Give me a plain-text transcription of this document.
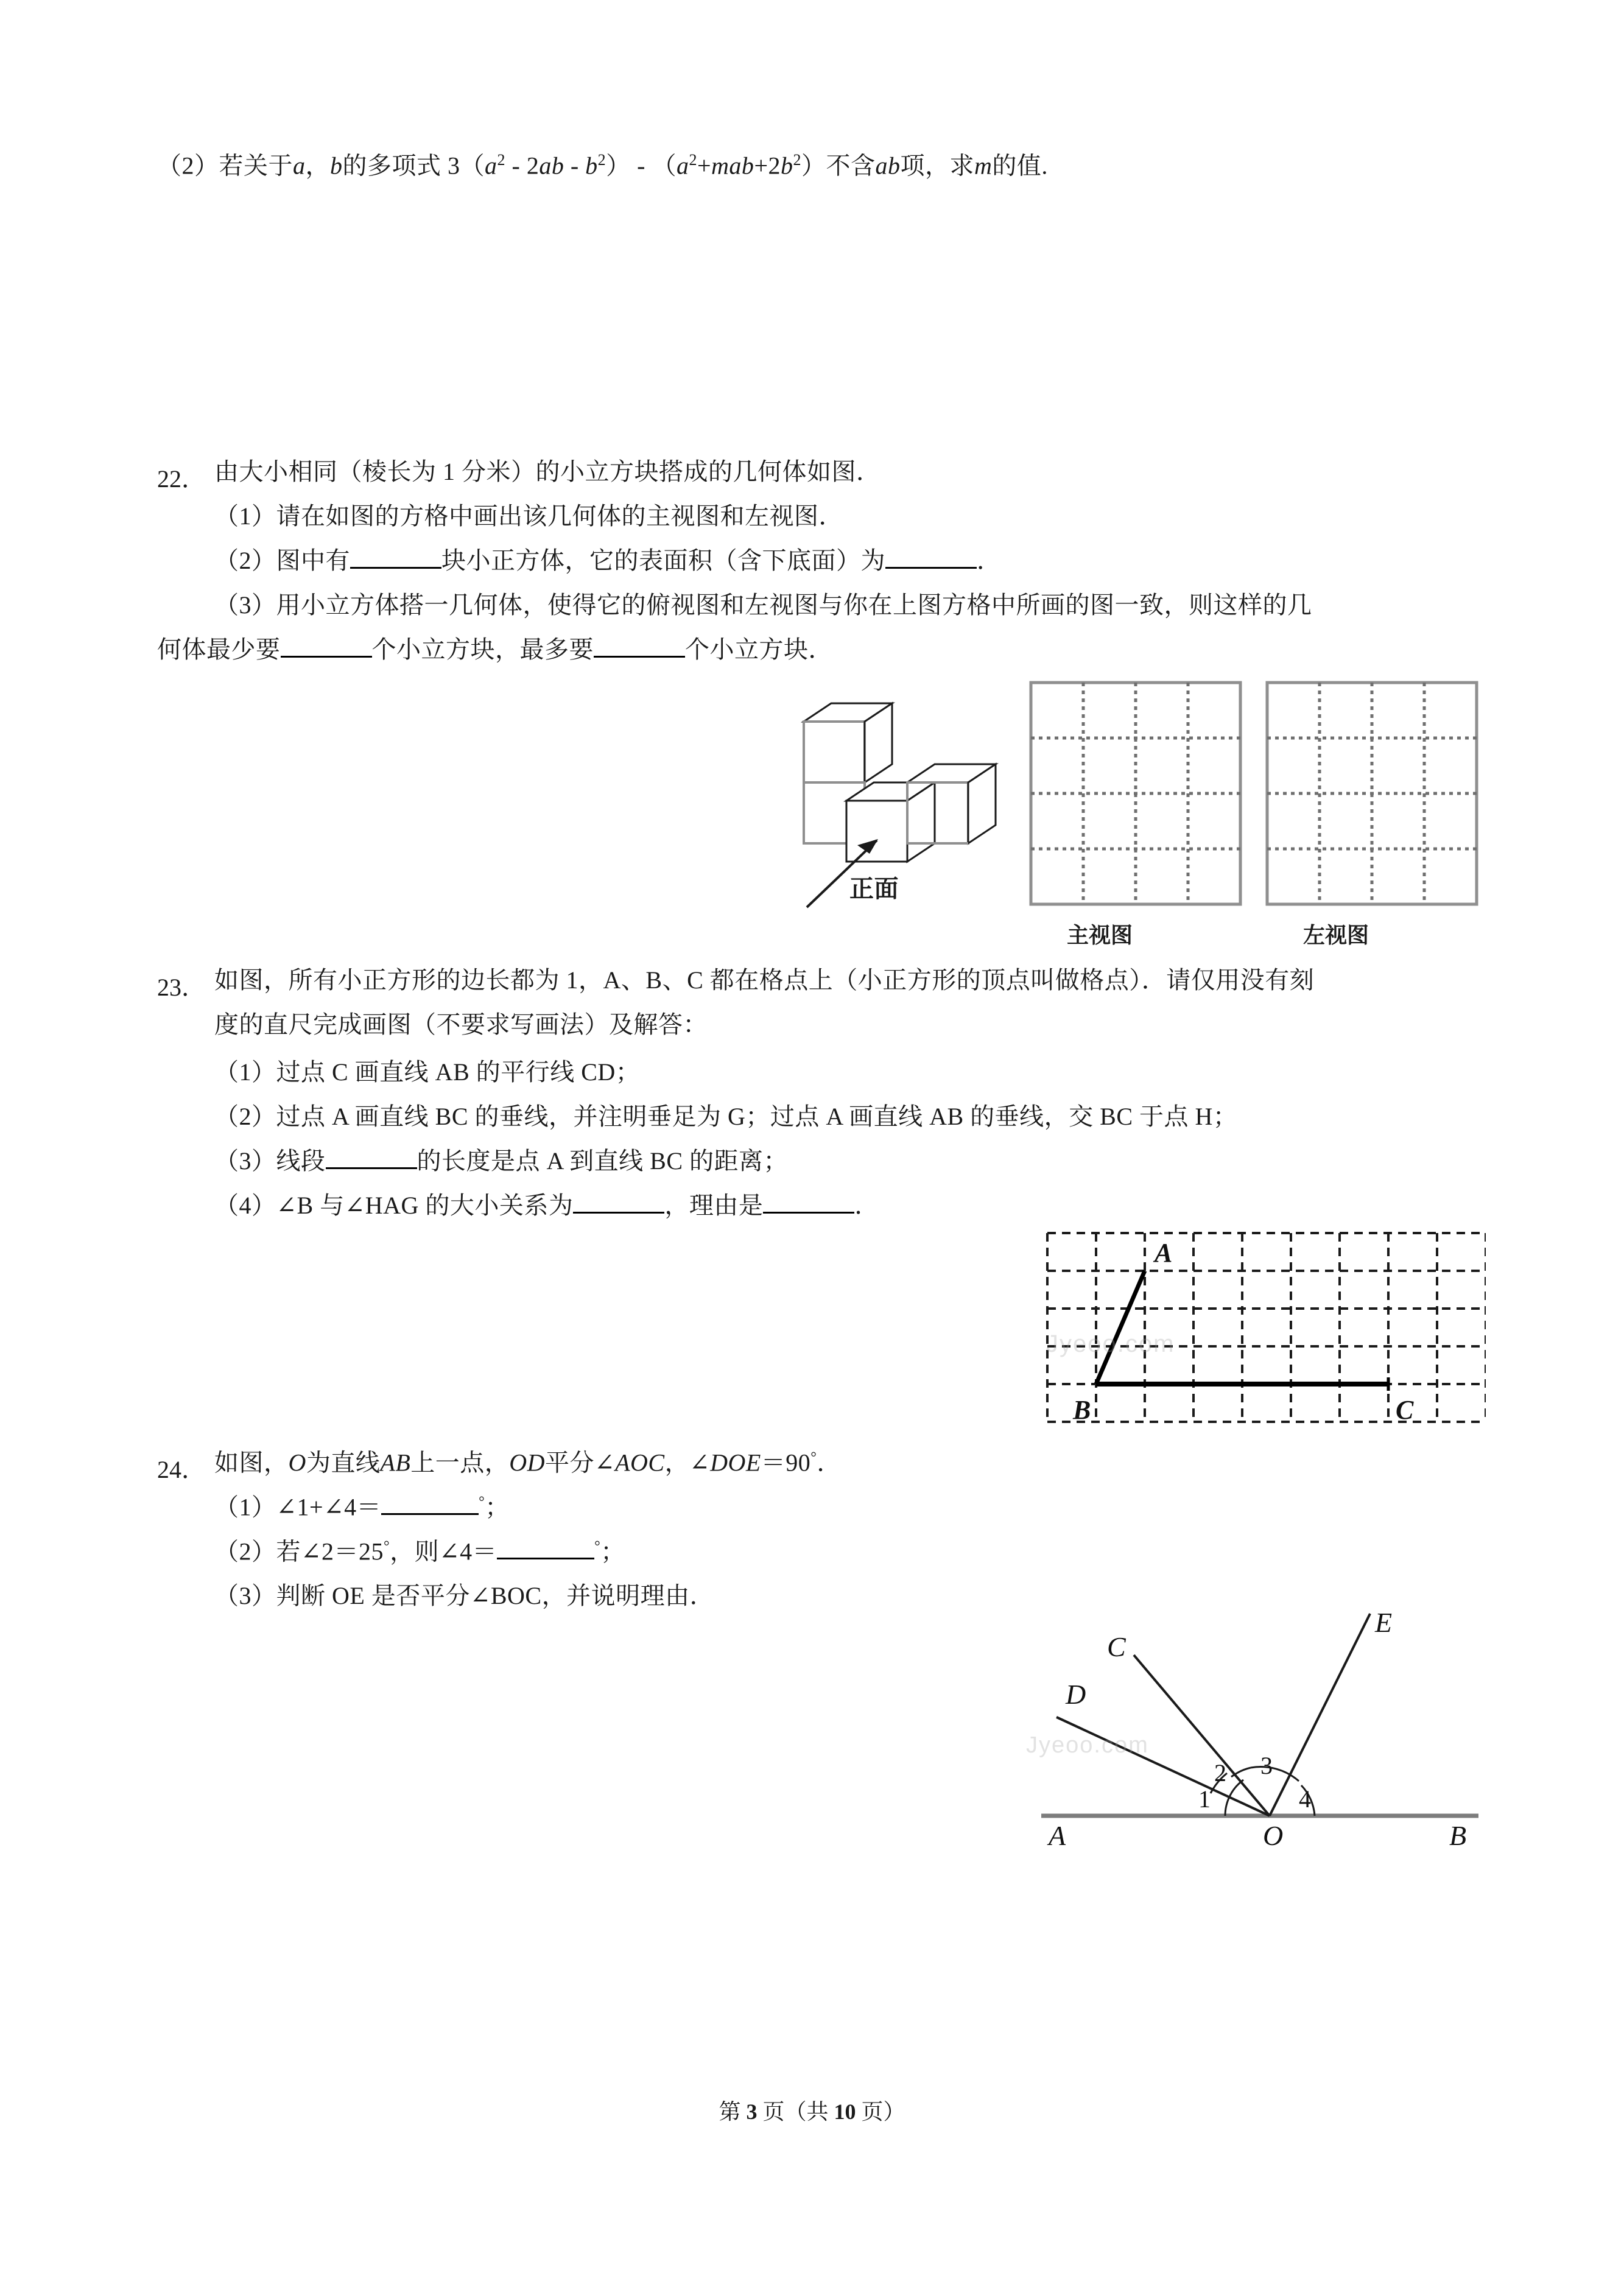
（2）若关于a，b的多项式 $3(a^2 - 2ab - b^2) - (a^2+mab+2b^2)$不含ab项，求m的值.
22． 由大小相同（棱长为 1 分米）的小立方块搭成的几何体如图．
（1）请在如图的方格中画出该几何体的主视图和左视图．
（2）图中有	块小正方体，它的表面积（含下底面）为	．
（3）用小立方体搭一几何体，使得它的俯视图和左视图与你在上图方格中所画的图一致，则这样的几
何体最少要	个小立方块，最多要	个小立方块．
正面
主视图	左视图
23． 如图，所有小正方形的边长都为 1，A、B、C 都在格点上（小正方形的顶点叫做格点）．请仅用没有刻
度的直尺完成画图（不要求写画法）及解答：
（1）过点 C 画直线 AB 的平行线 CD；
（2）过点 A 画直线 BC 的垂线，并注明垂足为 G；过点 A 画直线 AB 的垂线，交 BC 于点 H；
（3）线段	的长度是点 A 到直线 BC 的距离；
（4）∠B 与∠HAG 的大小关系为	，理由是	．
A
B	C
Jyeoo.com
24． 如图，O为直线AB上一点，OD平分∠AOC，∠DOE＝90°．
（1）∠1+∠4＝	°；
（2）若∠2＝25°，则∠4＝	°；
（3）判断 OE 是否平分∠BOC，并说明理由．
D
C
E
A	O	B
1
2 3
4
Jyeoo.com
第 3 页（共 10 页）
